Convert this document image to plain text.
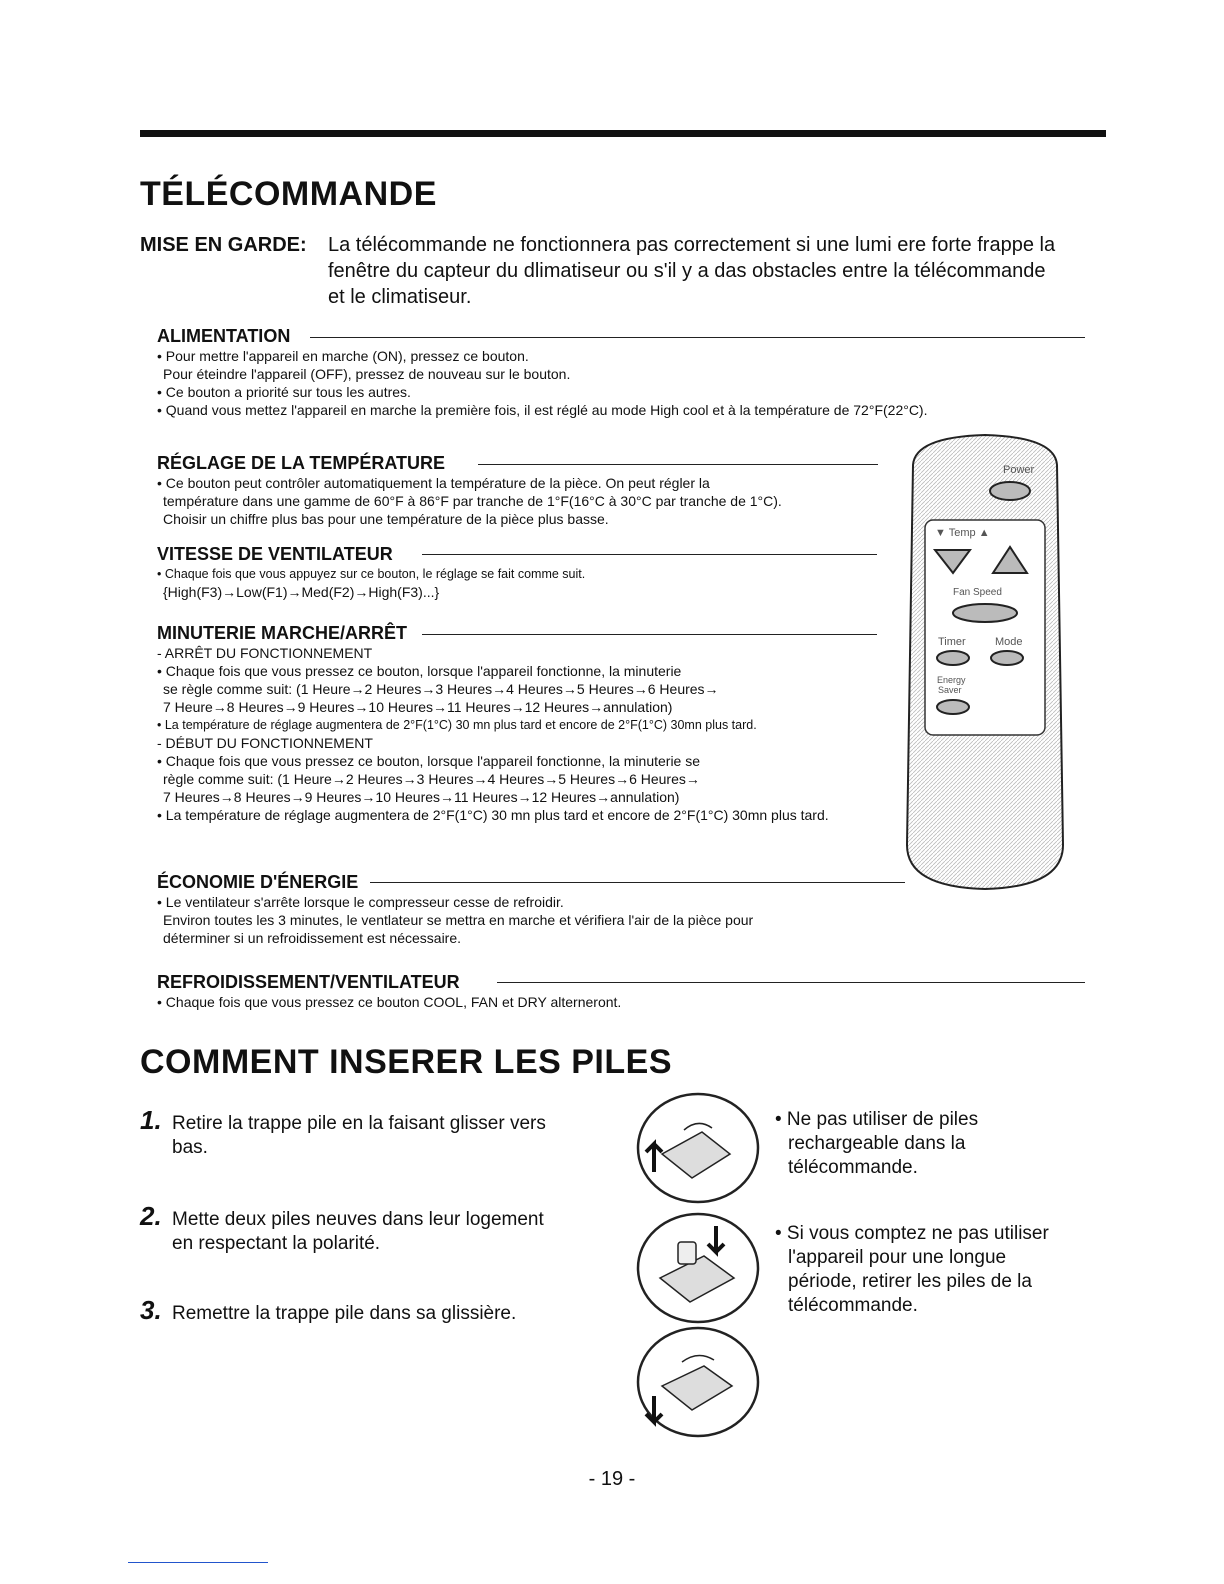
TÉLÉCOMMANDE
MISE EN GARDE: La télécommande ne fonctionnera pas correctement si une lumi ere forte frappe la
fenêtre du capteur du dlimatiseur ou s'il y a das obstacles entre la télécommande
et le climatiseur.
ALIMENTATION

• Pour mettre l'appareil en marche (ON), pressez ce bouton.

Pour éteindre l'appareil (OFF), pressez de nouveau sur le bouton.

• Ce bouton a priorité sur tous les autres.

• Quand vous mettez l'appareil en marche la première fois, il est réglé au mode High cool et à la température de 72°F(22°C).

RÉGLAGE DE LA TEMPÉRATURE

• Ce bouton peut contrôler automatiquement la température de la pièce. On peut régler la

température dans une gamme de 60°F à 86°F par tranche de 1°F(16°C à 30°C par tranche de 1°C).

Choisir un chiffre plus bas pour une température de la pièce plus basse.

VITESSE DE VENTILATEUR

• Chaque fois que vous appuyez sur ce bouton, le réglage se fait comme suit.

{High(F3)→Low(F1)→Med(F2)→High(F3)...}

MINUTERIE MARCHE/ARRÊT

- ARRÊT DU FONCTIONNEMENT

• Chaque fois que vous pressez ce bouton, lorsque l'appareil fonctionne, la minuterie

se règle comme suit: (1 Heure→2 Heures→3 Heures→4 Heures→5 Heures→6 Heures→

7 Heure→8 Heures→9 Heures→10 Heures→11 Heures→12 Heures→annulation)

• La température de réglage augmentera de 2°F(1°C) 30 mn plus tard et encore de 2°F(1°C) 30mn plus tard.

- DÉBUT DU FONCTIONNEMENT

• Chaque fois que vous pressez ce bouton, lorsque l'appareil fonctionne, la minuterie se

règle comme suit: (1 Heure→2 Heures→3 Heures→4 Heures→5 Heures→6 Heures→

7 Heures→8 Heures→9 Heures→10 Heures→11 Heures→12 Heures→annulation)

• La température de réglage augmentera de 2°F(1°C) 30 mn plus tard et encore de 2°F(1°C) 30mn plus tard.

ÉCONOMIE D'ÉNERGIE

• Le ventilateur s'arrête lorsque le compresseur cesse de refroidir.

Environ toutes les 3 minutes, le ventlateur se mettra en marche et vérifiera l'air de la pièce pour

déterminer si un refroidissement est nécessaire.

REFROIDISSEMENT/VENTILATEUR

• Chaque fois que vous pressez ce bouton COOL, FAN et DRY alterneront.

Power
▼ Temp ▲
Fan Speed
Timer	Mode
Energy
Saver
COMMENT INSERER LES PILES
1. Retire la trappe pile en la faisant glisser vers
bas.
2. Mette deux piles neuves dans leur logement
en respectant la polarité.
3. Remettre la trappe pile dans sa glissière.
• Ne pas utiliser de piles
rechargeable dans la
télécommande.
• Si vous comptez ne pas utiliser
l'appareil pour une longue
période, retirer les piles de la
télécommande.
- 19 -
